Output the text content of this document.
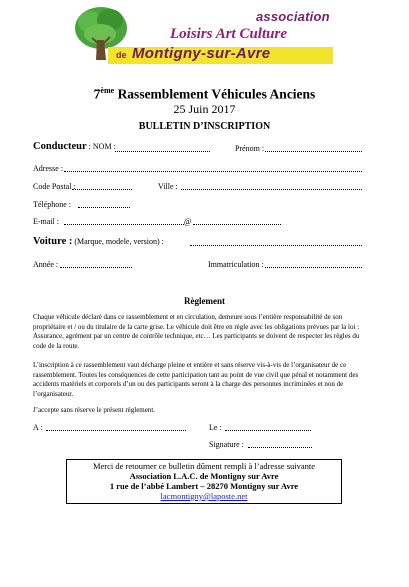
association
Loisirs Art Culture
de Montigny-sur-Avre
7ème Rassemblement Véhicules Anciens
25 Juin 2017
BULLETIN D’INSCRIPTION
Conducteur : NOM :	Prénom :
Adresse :
Code Postal :	Ville :
Téléphone :
E-mail :	@
Voiture : (Marque, modele, version) :
Année :	Immatriculation :
Règlement
Chaque véhicule déclaré dans ce rassemblement et en circulation, demeure sous l’entière responsabilité de son propriétaire et / ou du titulaire de la carte grise. Le véhicule doit être en règle avec les obligations prévues par la loi : Assurance, agrément par un centre de contrôle technique, etc… Les participants se doivent de respecter les règles du code de la route.
L’inscription à ce rassemblement vaut décharge pleine et entière et sans réserve vis-à-vis de l’organisateur de ce rassemblement. Toutes les conséquences de cette participation tant au point de vue civil que pénal et notamment des accidents matériels et corporels d’un ou des participants seront à la charge des personnes incriminées et non de l’organisateur.
J’accepte sans réserve le présent règlement.
A :	Le :
Signature :
Merci de retourner ce bulletin dûment rempli à l’adresse suivante
Association L.A.C. de Montigny sur Avre
1 rue de l’abbé Lambert – 28270 Montigny sur Avre
lacmontigny@laposte.net
